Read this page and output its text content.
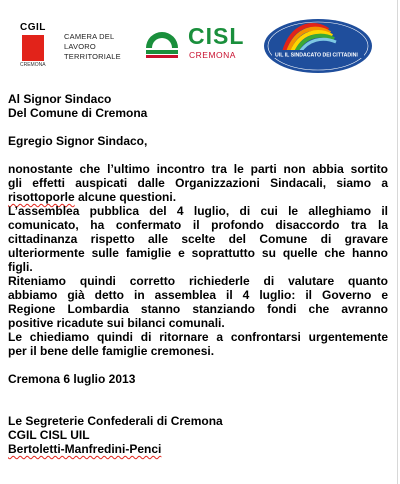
CGIL
CREMONA
CAMERA DEL
LAVORO
TERRITORIALE
CISL
CREMONA	UIL IL SINDACATO DEI CITTADINI
Al Signor Sindaco
Del Comune di Cremona
Egregio Signor Sindaco,
nonostante che l’ultimo incontro tra le parti non abbia sortito
gli effetti auspicati dalle Organizzazioni Sindacali, siamo a
risottoporle alcune questioni.
L’assemblea pubblica del 4 luglio, di cui le alleghiamo il
comunicato, ha confermato il profondo disaccordo tra la
cittadinanza rispetto alle scelte del Comune di gravare
ulteriormente sulle famiglie e soprattutto su quelle che hanno
figli.
Riteniamo quindi corretto richiederle di valutare quanto
abbiamo già detto in assemblea il 4 luglio: il Governo e
Regione Lombardia stanno stanziando fondi che avranno
positive ricadute sui bilanci comunali.
Le chiediamo quindi di ritornare a confrontarsi urgentemente
per il bene delle famiglie cremonesi.
Cremona 6 luglio 2013
Le Segreterie Confederali di Cremona
CGIL CISL UIL
Bertoletti-Manfredini-Penci
